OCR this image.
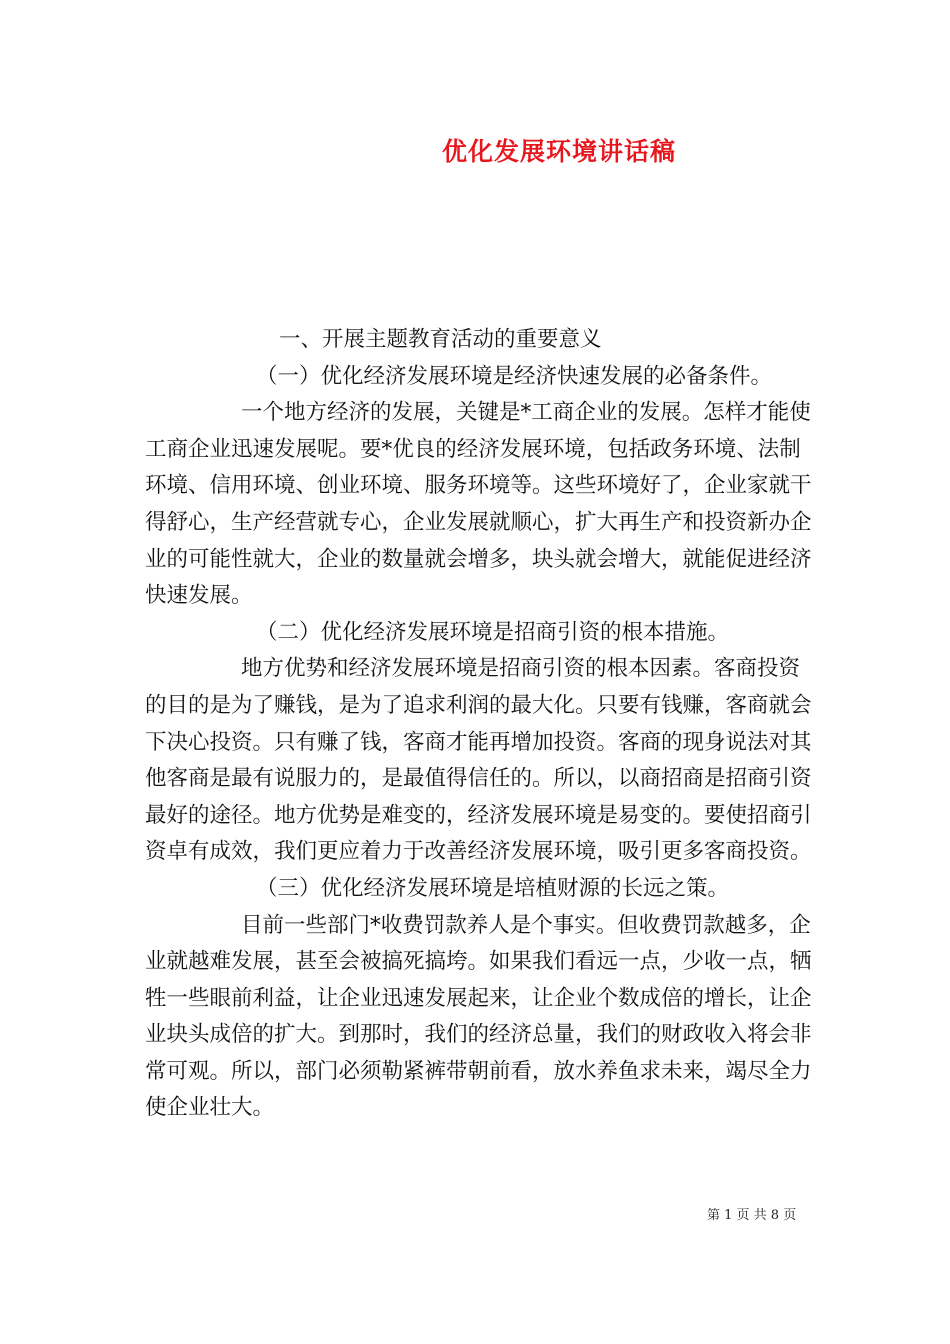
优化发展环境讲话稿

一、开展主题教育活动的重要意义

（一）优化经济发展环境是经济快速发展的必备条件。

一个地方经济的发展，关键是*工商企业的发展。怎样才能使工商企业迅速发展呢。要*优良的经济发展环境，包括政务环境、法制环境、信用环境、创业环境、服务环境等。这些环境好了，企业家就干得舒心，生产经营就专心，企业发展就顺心，扩大再生产和投资新办企业的可能性就大，企业的数量就会增多，块头就会增大，就能促进经济快速发展。

（二）优化经济发展环境是招商引资的根本措施。

地方优势和经济发展环境是招商引资的根本因素。客商投资的目的是为了赚钱，是为了追求利润的最大化。只要有钱赚，客商就会下决心投资。只有赚了钱，客商才能再增加投资。客商的现身说法对其他客商是最有说服力的，是最值得信任的。所以，以商招商是招商引资最好的途径。地方优势是难变的，经济发展环境是易变的。要使招商引资卓有成效，我们更应着力于改善经济发展环境，吸引更多客商投资。

（三）优化经济发展环境是培植财源的长远之策。

目前一些部门*收费罚款养人是个事实。但收费罚款越多，企业就越难发展，甚至会被搞死搞垮。如果我们看远一点，少收一点，牺牲一些眼前利益，让企业迅速发展起来，让企业个数成倍的增长，让企业块头成倍的扩大。到那时，我们的经济总量，我们的财政收入将会非常可观。所以，部门必须勒紧裤带朝前看，放水养鱼求未来，竭尽全力使企业壮大。

第 1 页 共 8 页
